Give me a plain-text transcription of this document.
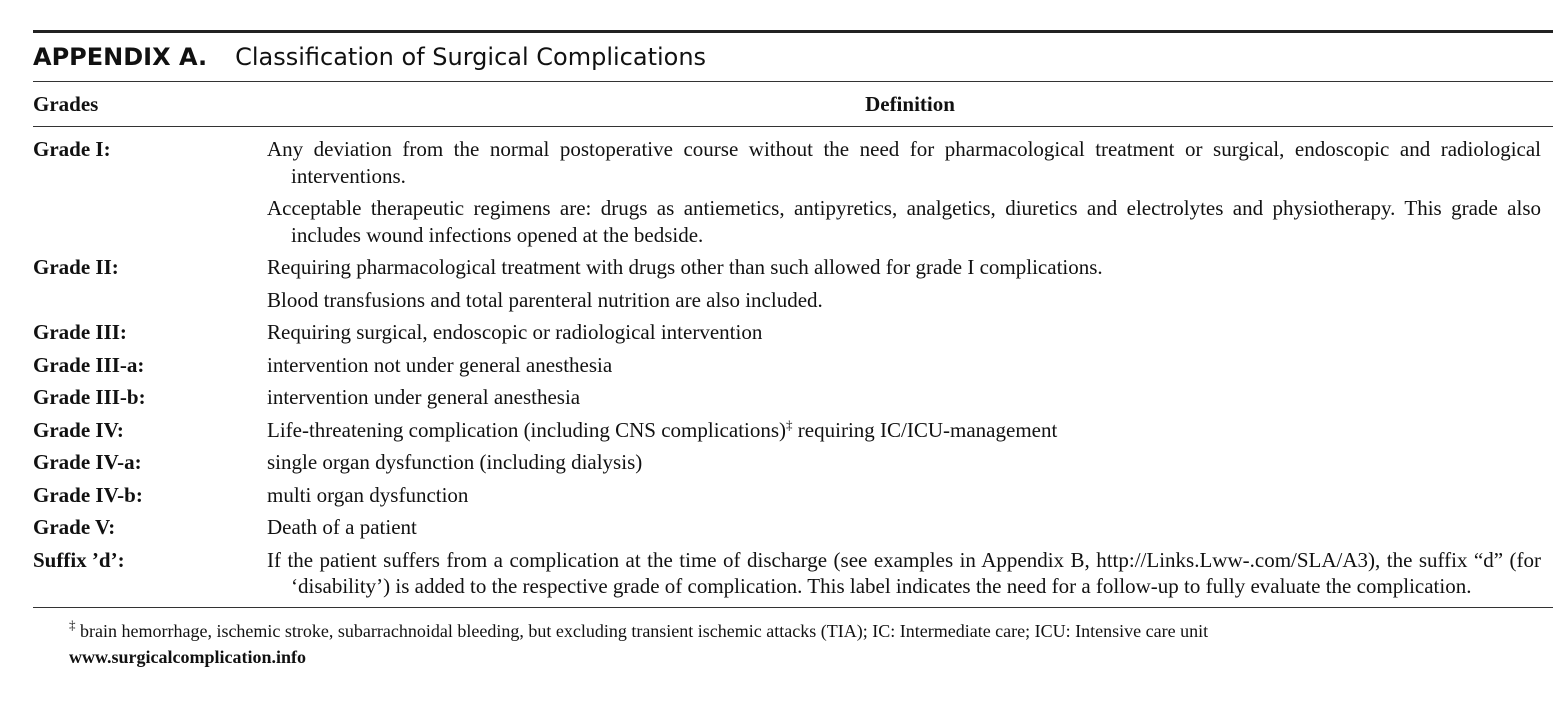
APPENDIX A. Classification of Surgical Complications
Grades	Definition
Grade I:	Any deviation from the normal postoperative course without the need for pharmacological treatment or surgical, endoscopic and radiological interventions.
Acceptable therapeutic regimens are: drugs as antiemetics, antipyretics, analgetics, diuretics and electrolytes and physiotherapy. This grade also includes wound infections opened at the bedside.
Grade II:	Requiring pharmacological treatment with drugs other than such allowed for grade I complications.
Blood transfusions and total parenteral nutrition are also included.
Grade III:	Requiring surgical, endoscopic or radiological intervention
Grade III-a:	intervention not under general anesthesia
Grade III-b:	intervention under general anesthesia
Grade IV:	Life-threatening complication (including CNS complications)‡ requiring IC/ICU-management
Grade IV-a:	single organ dysfunction (including dialysis)
Grade IV-b:	multi organ dysfunction
Grade V:	Death of a patient
Suffix ’d’:	If the patient suffers from a complication at the time of discharge (see examples in Appendix B, http://Links.Lww-.com/SLA/A3), the suffix “d” (for ‘disability’) is added to the respective grade of complication. This label indicates the need for a follow-up to fully evaluate the complication.
‡ brain hemorrhage, ischemic stroke, subarrachnoidal bleeding, but excluding transient ischemic attacks (TIA); IC: Intermediate care; ICU: Intensive care unit
www.surgicalcomplication.info
